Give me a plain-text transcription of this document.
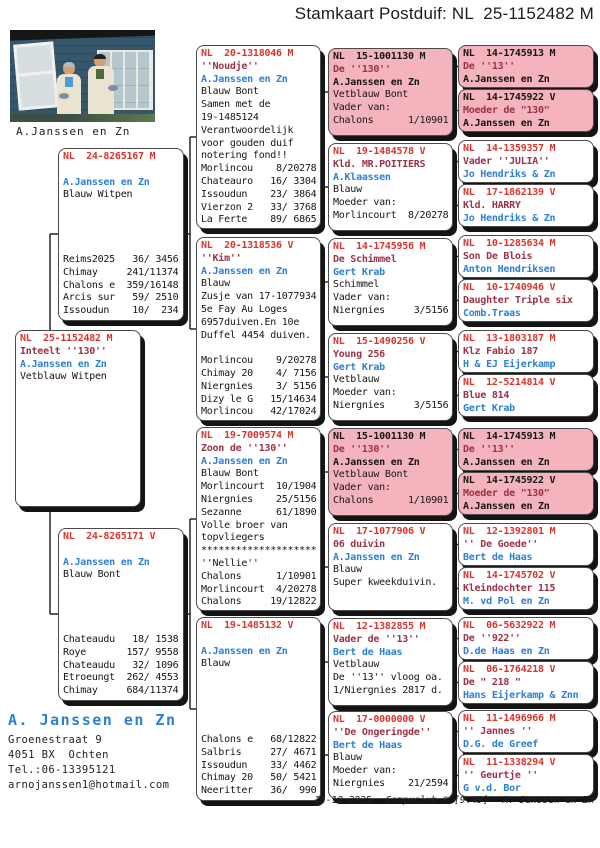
Stamkaart Postduif: NL  25-1152482 M
A.Janssen en Zn
NL  25-1152482 M
Inteelt ''130''
A.Janssen en Zn
Vetblauw Witpen
NL  24-8265167 M

A.Janssen en Zn
Blauw Witpen
Reims2025   36/ 3456
Chimay     241/11374
Chalons e  359/16148
Arcis sur   59/ 2510
Issoudun    10/  234
NL  24-8265171 V

A.Janssen en Zn
Blauw Bont
Chateaudu   18/ 1538
Roye       157/ 9558
Chateaudu   32/ 1096
Etroeungt  262/ 4553
Chimay     684/11374
NL  20-1318046 M
''Noudje''
A.Janssen en Zn
Blauw Bont
Samen met de
19-1485124
Verantwoordelijk
voor gouden duif
notering fond!!
Morlincou    8/20278
Chateauro   16/ 3304
Issoudun    23/ 3864
Vierzon 2   33/ 3768
La Ferte    89/ 6865
NL  20-1318536 V
''Kim''
A.Janssen en Zn
Blauw
Zusje van 17-1077934
5e Fay Au Loges
6957duiven.En 10e
Duffel 4454 duiven.

Morlincou    9/20278
Chimay 20    4/ 7156
Niergnies    3/ 5156
Dizy le G   15/14634
Morlincou   42/17024
NL  19-7009574 M
Zoon de ''130''
A.Janssen en Zn
Blauw Bont
Morlincourt  10/1904
Niergnies    25/5156
Sezanne      61/1890
Volle broer van
topvliegers
********************
''Nellie''
Chalons      1/10901
Morlincourt  4/20278
Chalons     19/12822
NL  19-1485132 V

A.Janssen en Zn
Blauw
Chalons e   68/12822
Salbris     27/ 4671
Issoudun    33/ 4462
Chimay 20   50/ 5421
Neeritter   36/  990
NL  15-1001130 M
De ''130''
A.Janssen en Zn
Vetblauw Bont
Vader van:
Chalons      1/10901
NL  19-1484578 V
Kld. MR.POITIERS
A.Klaassen
Blauw
Moeder van:
Morlincourt  8/20278
NL  14-1745956 M
De Schimmel
Gert Krab
Schimmel
Vader van:
Niergnies     3/5156
NL  15-1490256 V
Young 256
Gert Krab
Vetblauw
Moeder van:
Niergnies     3/5156
NL  15-1001130 M
De ''130''
A.Janssen en Zn
Vetblauw Bont
Vader van:
Chalons      1/10901
NL  17-1077906 V
06 duivin
A.Janssen en Zn
Blauw
Super kweekduivin.
NL  12-1382855 M
Vader de ''13''
Bert de Haas
Vetblauw
De ''13'' vloog oa.
1/Niergnies 2817 d.
NL  17-0000000 V
''De Ongeringde''
Bert de Haas
Blauw
Moeder van:
Niergnies    21/2594
NL  14-1745913 M
De ''13''
A.Janssen en Zn
NL  14-1745922 V
Moeder de "130"
A.Janssen en Zn
NL  14-1359357 M
Vader ''JULIA''
Jo Hendriks & Zn
NL  17-1862139 V
Kld. HARRY
Jo Hendriks & Zn
NL  10-1285634 M
Son De Blois
Anton Hendriksen
NL  10-1740946 V
Daughter Triple six
Comb.Traas
NL  13-1803187 M
Klz Fabio 187
H & EJ Eijerkamp
NL  12-5214814 V
Blue 814
Gert Krab
NL  14-1745913 M
De ''13''
A.Janssen en Zn
NL  14-1745922 V
Moeder de "130"
A.Janssen en Zn
NL  12-1392801 M
'' De Goede''
Bert de Haas
NL  14-1745702 V
Kleindochter 115
M. vd Pol en Zn
NL  06-5632922 M
De ''922''
D.de Haas en Zn
NL  06-1764218 V
De " 218 "
Hans Eijerkamp & Znn
NL  11-1496966 M
'' Jannes ''
D.G. de Greef
NL  11-1338294 V
'' Geurtje ''
G v.d. Bor
A. Janssen en Zn
Groenestraat 9
4051 BX  Ochten
Tel.:06-13395121
arnojanssen1@hotmail.com
13-10-2025 Compuclub © [9.49] A. Janssen en Zn
